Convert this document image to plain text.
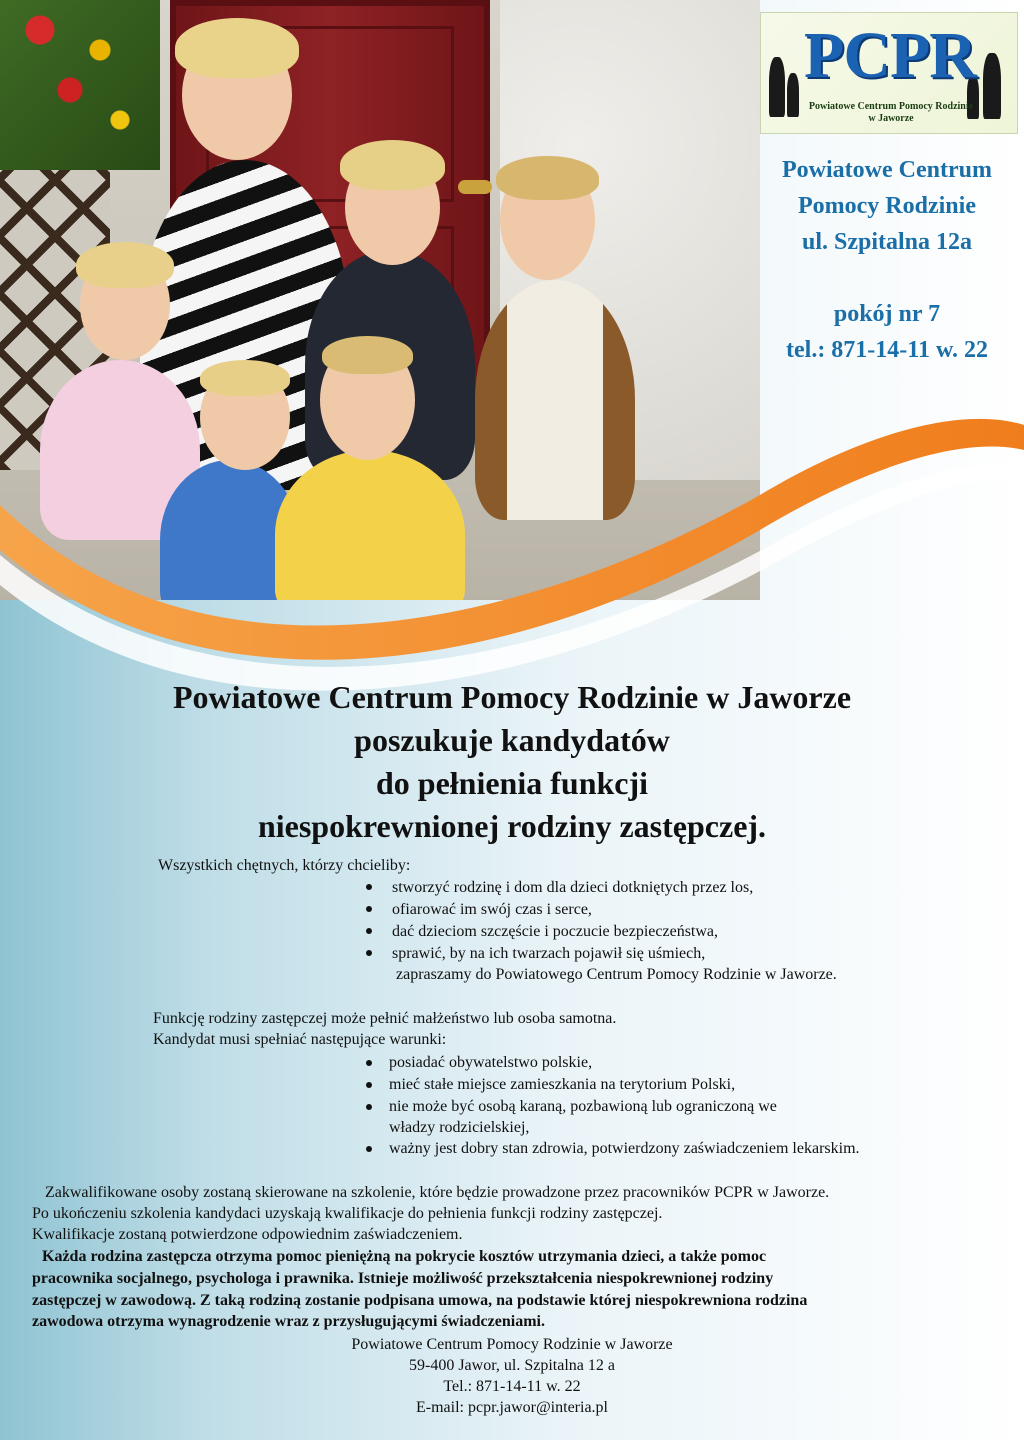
PCPR
Powiatowe Centrum Pomocy Rodzinie
w Jaworze

Powiatowe Centrum

Pomocy Rodzinie

ul. Szpitalna 12a

pokój nr 7

tel.: 871-14-11 w. 22

Powiatowe Centrum Pomocy Rodzinie w Jaworze

poszukuje kandydatów

do pełnienia funkcji

niespokrewnionej rodziny zastępczej.

Wszystkich chętnych, którzy chcieliby:
stworzyć rodzinę i dom dla dzieci dotkniętych przez los,
ofiarować im swój czas i serce,
dać dzieciom szczęście i poczucie bezpieczeństwa,
sprawić, by na ich twarzach pojawił się uśmiech,
zapraszamy do Powiatowego Centrum Pomocy Rodzinie w Jaworze.
Funkcję rodziny zastępczej może pełnić małżeństwo lub osoba samotna.
Kandydat musi spełniać następujące warunki:
posiadać obywatelstwo polskie,
mieć stałe miejsce zamieszkania na terytorium Polski,
nie może być osobą karaną, pozbawioną lub ograniczoną we
władzy rodzicielskiej,
ważny jest dobry stan zdrowia, potwierdzony zaświadczeniem lekarskim.
Zakwalifikowane osoby zostaną skierowane na szkolenie, które będzie prowadzone przez pracowników PCPR w Jaworze.
Po ukończeniu szkolenia kandydaci uzyskają kwalifikacje do pełnienia funkcji rodziny zastępczej.
Kwalifikacje zostaną potwierdzone odpowiednim zaświadczeniem.
Każda rodzina zastępcza otrzyma pomoc pieniężną na pokrycie kosztów utrzymania dzieci, a także pomoc
pracownika socjalnego, psychologa i prawnika. Istnieje możliwość przekształcenia niespokrewnionej rodziny
zastępczej w zawodową. Z taką rodziną zostanie podpisana umowa, na podstawie której niespokrewniona rodzina
zawodowa otrzyma wynagrodzenie wraz z przysługującymi świadczeniami.

Powiatowe Centrum Pomocy Rodzinie w Jaworze

59-400 Jawor, ul. Szpitalna 12 a

Tel.: 871-14-11 w. 22

E-mail: pcpr.jawor@interia.pl
